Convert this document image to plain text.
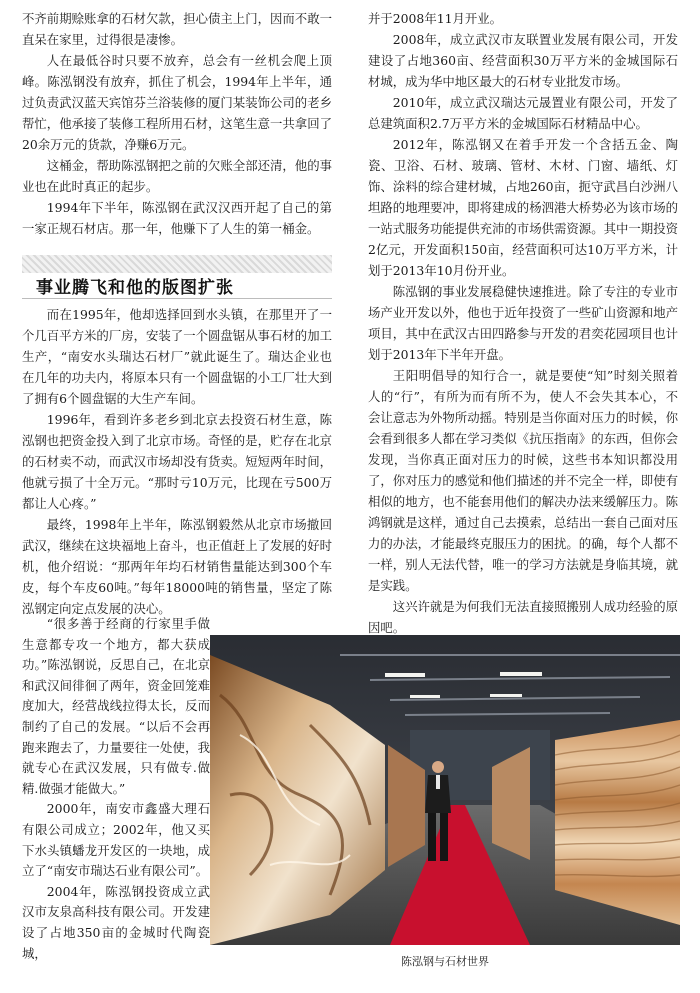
不齐前期赊账拿的石材欠款，担心债主上门，因而不敢一直呆在家里，过得很是凄惨。

人在最低谷时只要不放弃，总会有一丝机会爬上顶峰。陈泓钢没有放弃，抓住了机会，1994年上半年，通过负责武汉蓝天宾馆芬兰浴装修的厦门某装饰公司的老乡帮忙，他承接了装修工程所用石材，这笔生意一共拿回了20余万元的货款，净赚6万元。

这桶金，帮助陈泓钢把之前的欠账全部还清，他的事业也在此时真正的起步。

1994年下半年，陈泓钢在武汉汉西开起了自己的第一家正规石材店。那一年，他赚下了人生的第一桶金。

事业腾飞和他的版图扩张

而在1995年，他却选择回到水头镇，在那里开了一个几百平方米的厂房，安装了一个圆盘锯从事石材的加工生产，“南安水头瑞达石材厂”就此诞生了。瑞达企业也在几年的功夫内，将原本只有一个圆盘锯的小工厂壮大到了拥有6个圆盘锯的大生产车间。

1996年，看到许多老乡到北京去投资石材生意，陈泓钢也把资金投入到了北京市场。奇怪的是，贮存在北京的石材卖不动，而武汉市场却没有货卖。短短两年时间，他就亏损了十全万元。“那时亏10万元，比现在亏500万都让人心疼。”

最终，1998年上半年，陈泓钢毅然从北京市场撤回武汉，继续在这块福地上奋斗，也正值赶上了发展的好时机，他介绍说：“那两年年均石材销售量能达到300个车皮，每个车皮60吨。”每年18000吨的销售量，坚定了陈泓钢定向定点发展的决心。

“很多善于经商的行家里手做生意都专攻一个地方，都大获成功。”陈泓钢说，反思自己，在北京和武汉间徘徊了两年，资金回笼难度加大，经营战线拉得太长，反而制约了自己的发展。“以后不会再跑来跑去了，力量要往一处使，我就专心在武汉发展，只有做专.做精.做强才能做大。”

2000年，南安市鑫盛大理石有限公司成立；2002年，他又买下水头镇蟠龙开发区的一块地，成立了“南安市瑞达石业有限公司”。

2004年，陈泓钢投资成立武汉市友泉高科技有限公司。开发建设了占地350亩的金城时代陶瓷城，

并于2008年11月开业。

2008年，成立武汉市友联置业发展有限公司，开发建设了占地360亩、经营面积30万平方米的金城国际石材城，成为华中地区最大的石材专业批发市场。

2010年，成立武汉瑞达元晟置业有限公司，开发了总建筑面积2.7万平方米的金城国际石材精品中心。

2012年，陈泓钢又在着手开发一个含括五金、陶瓷、卫浴、石材、玻璃、管材、木材、门窗、墙纸、灯饰、涂料的综合建材城，占地260亩，扼守武昌白沙洲八坦路的地理要冲，即将建成的杨泗港大桥势必为该市场的一站式服务功能提供充沛的市场供需资源。其中一期投资2亿元，开发面积150亩，经营面积可达10万平方米，计划于2013年10月份开业。

陈泓钢的事业发展稳健快速推进。除了专注的专业市场产业开发以外，他也于近年投资了一些矿山资源和地产项目，其中在武汉古田四路参与开发的君奕花园项目也计划于2013年下半年开盘。

王阳明倡导的知行合一，就是要使“知”时刻关照着人的“行”，有所为而有所不为，使人不会失其本心，不会让意志为外物所动摇。特别是当你面对压力的时候，你会看到很多人都在学习类似《抗压指南》的东西，但你会发现，当你真正面对压力的时候，这些书本知识都没用了，你对压力的感觉和他们描述的并不完全一样，即使有相似的地方，也不能套用他们的解决办法来缓解压力。陈鸿钢就是这样，通过自己去摸索，总结出一套自己面对压力的办法，才能最终克服压力的困扰。的确，每个人都不一样，别人无法代替，唯一的学习方法就是身临其境，就是实践。

这兴许就是为何我们无法直接照搬别人成功经验的原因吧。

陈泓钢与石材世界
